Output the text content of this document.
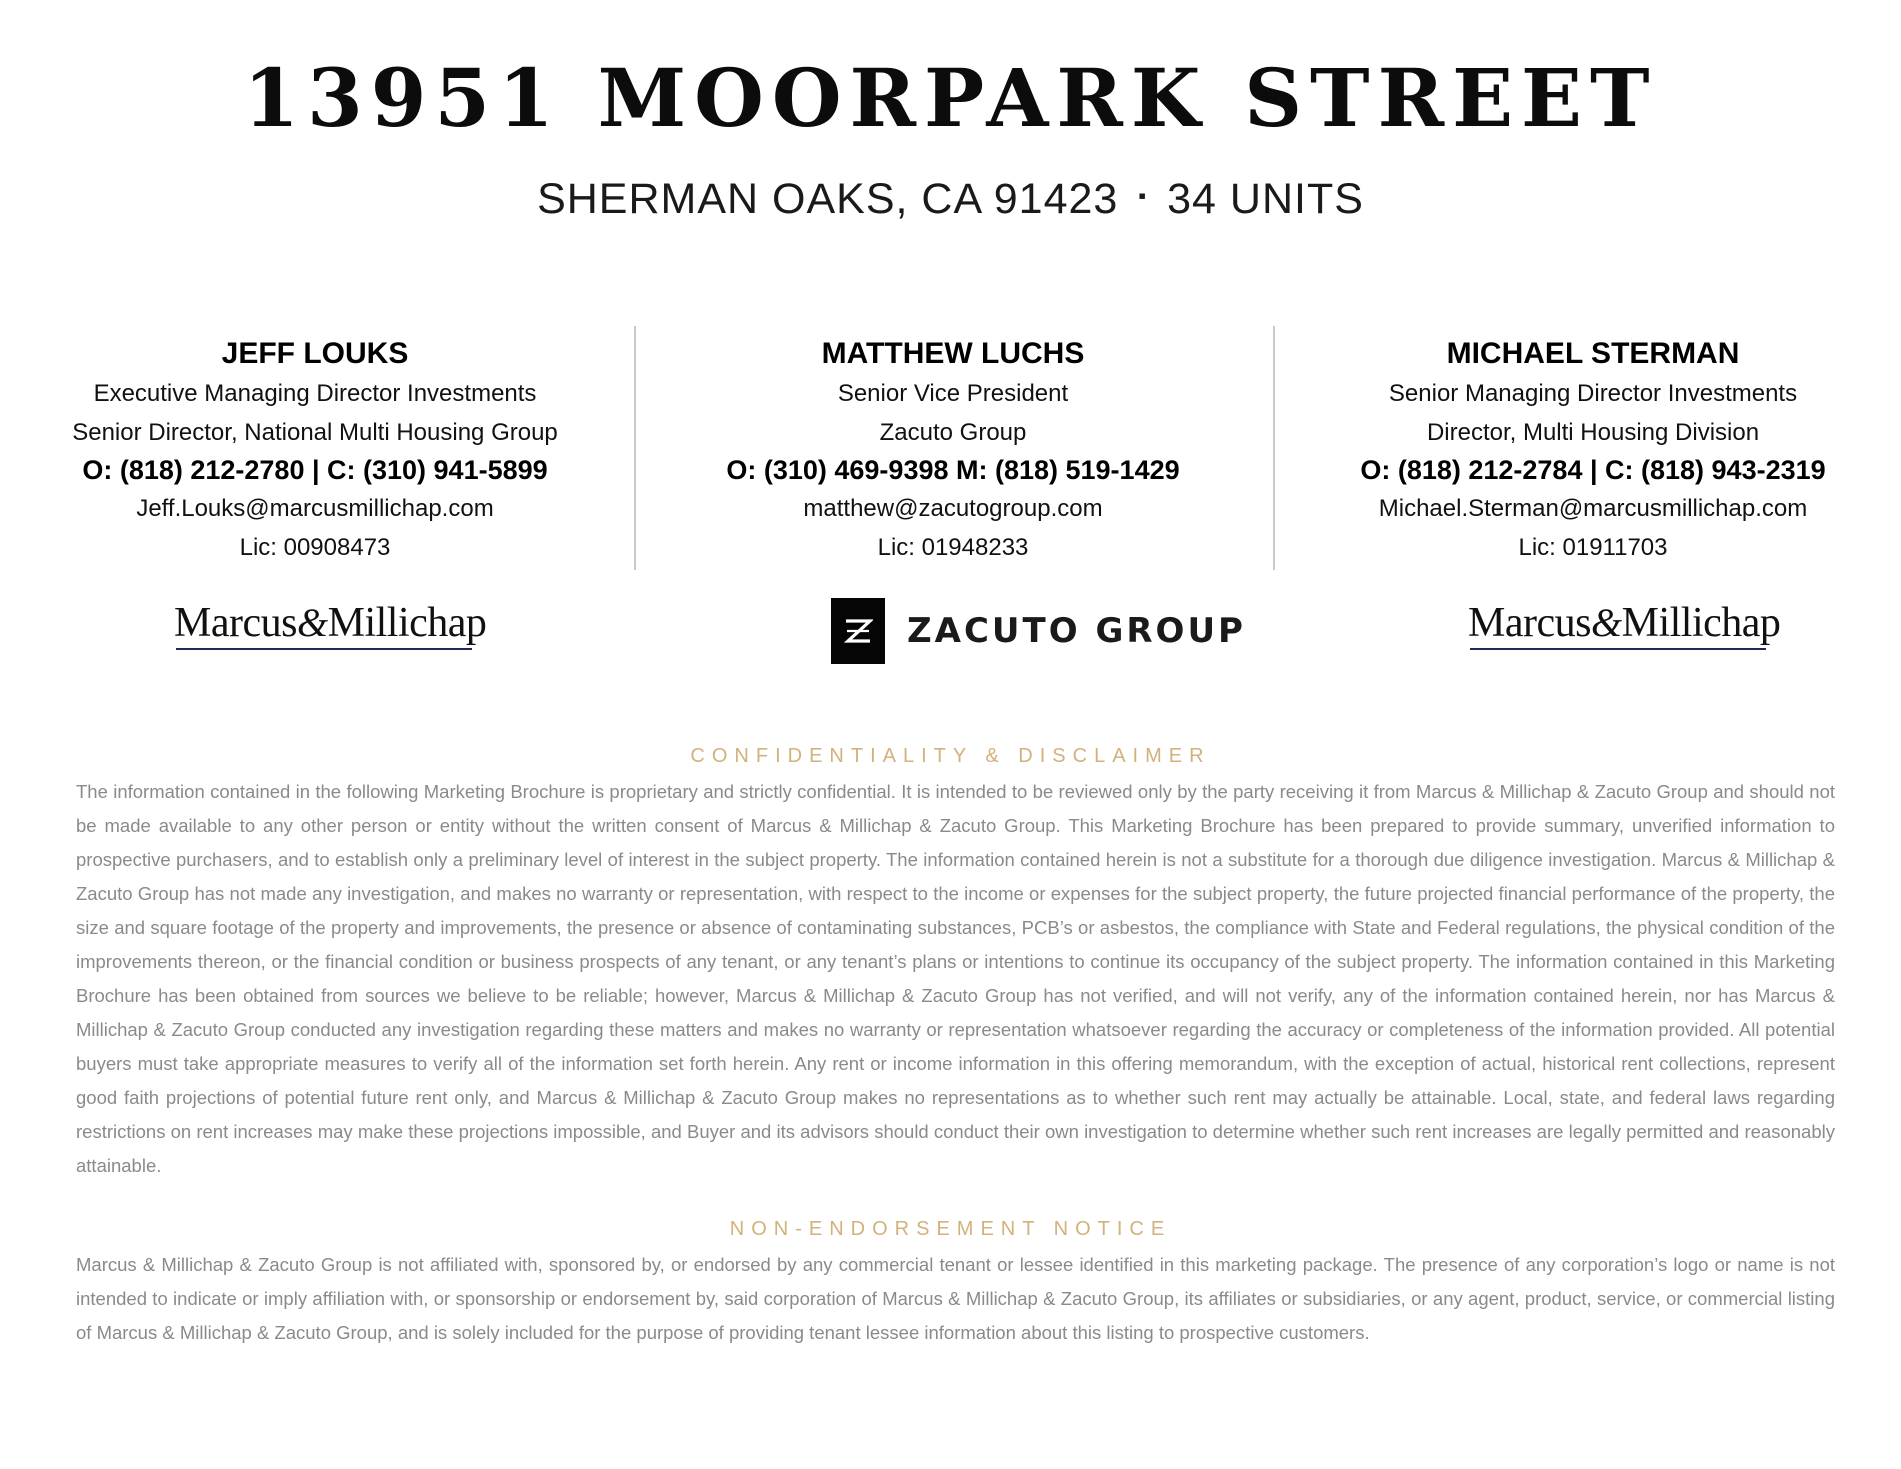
13951 MOORPARK STREET
SHERMAN OAKS, CA 91423 ▪ 34 UNITS
JEFF LOUKS
Executive Managing Director Investments
Senior Director, National Multi Housing Group
O: (818) 212-2780 | C: (310) 941-5899
Jeff.Louks@marcusmillichap.com
Lic: 00908473
MATTHEW LUCHS
Senior Vice President
Zacuto Group
O: (310) 469-9398 M: (818) 519-1429
matthew@zacutogroup.com
Lic: 01948233
MICHAEL STERMAN
Senior Managing Director Investments
Director, Multi Housing Division
O: (818) 212-2784 | C: (818) 943-2319
Michael.Sterman@marcusmillichap.com
Lic: 01911703
Marcus&Millichap	ZACUTO GROUP	Marcus&Millichap
CONFIDENTIALITY & DISCLAIMER
The information contained in the following Marketing Brochure is proprietary and strictly confidential. It is intended to be reviewed only by the party receiving it from Marcus & Millichap & Zacuto Group and should not be made available to any other person or entity without the written consent of Marcus & Millichap & Zacuto Group. This Marketing Brochure has been prepared to provide summary, unverified information to prospective purchasers, and to establish only a preliminary level of interest in the subject property. The information contained herein is not a substitute for a thorough due diligence investigation. Marcus & Millichap & Zacuto Group has not made any investigation, and makes no warranty or representation, with respect to the income or expenses for the subject property, the future projected financial performance of the property, the size and square footage of the property and improvements, the presence or absence of contaminating substances, PCB’s or asbestos, the compliance with State and Federal regulations, the physical condition of the improvements thereon, or the financial condition or business prospects of any tenant, or any tenant’s plans or intentions to continue its occupancy of the subject property. The information contained in this Marketing Brochure has been obtained from sources we believe to be reliable; however, Marcus & Millichap & Zacuto Group has not verified, and will not verify, any of the information contained herein, nor has Marcus & Millichap & Zacuto Group conducted any investigation regarding these matters and makes no warranty or representation whatsoever regarding the accuracy or completeness of the information provided. All potential buyers must take appropriate measures to verify all of the information set forth herein. Any rent or income information in this offering memorandum, with the exception of actual, historical rent collections, represent good faith projections of potential future rent only, and Marcus & Millichap & Zacuto Group makes no representations as to whether such rent may actually be attainable. Local, state, and federal laws regarding restrictions on rent increases may make these projections impossible, and Buyer and its advisors should conduct their own investigation to determine whether such rent increases are legally permitted and reasonably attainable.
NON-ENDORSEMENT NOTICE
Marcus & Millichap & Zacuto Group is not affiliated with, sponsored by, or endorsed by any commercial tenant or lessee identified in this marketing package. The presence of any corporation’s logo or name is not intended to indicate or imply affiliation with, or sponsorship or endorsement by, said corporation of Marcus & Millichap & Zacuto Group, its affiliates or subsidiaries, or any agent, product, service, or commercial listing of Marcus & Millichap & Zacuto Group, and is solely included for the purpose of providing tenant lessee information about this listing to prospective customers.
